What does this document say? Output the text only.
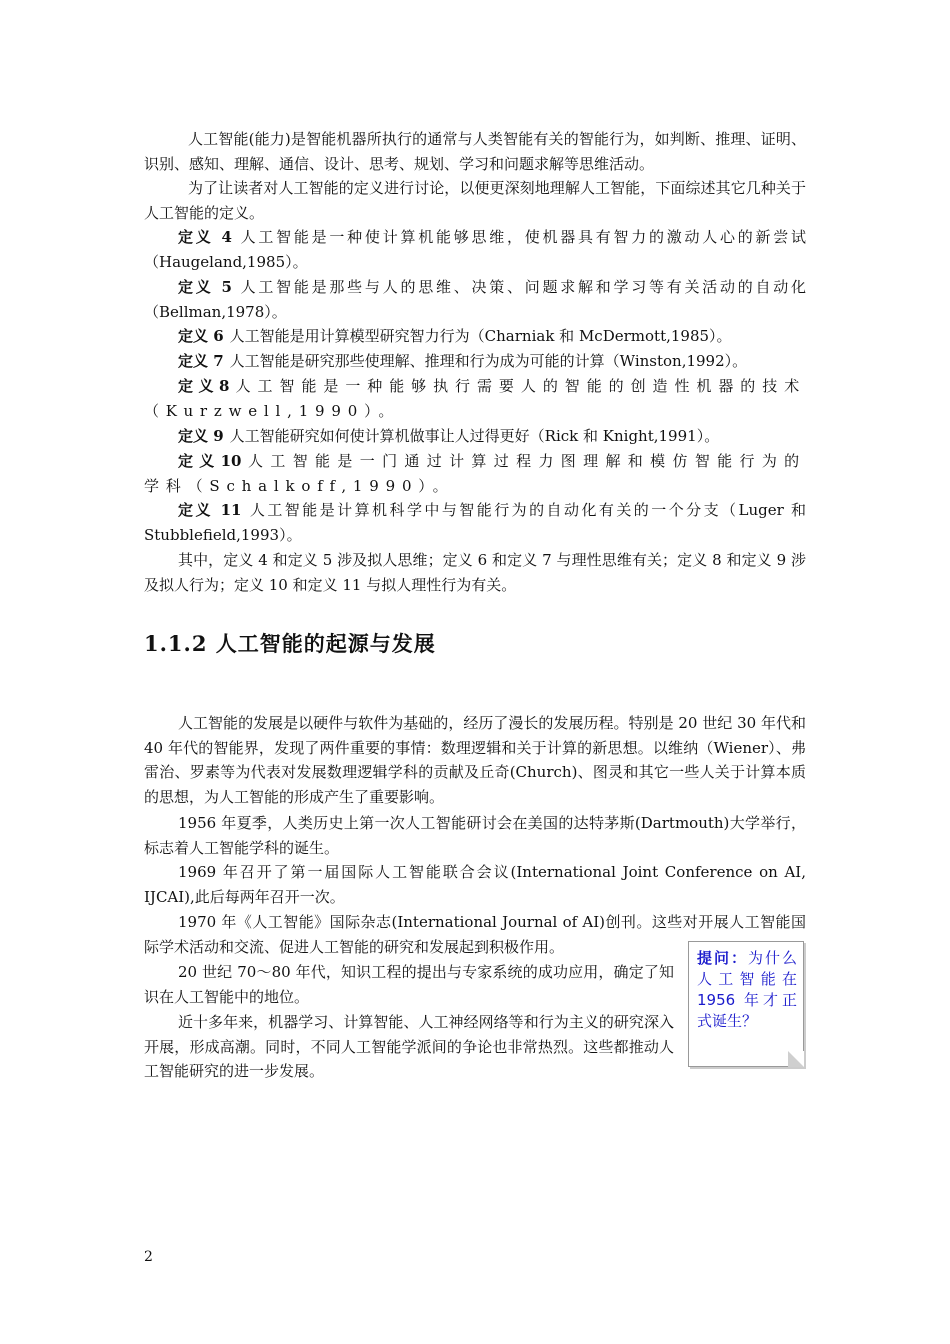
人工智能(能力)是智能机器所执行的通常与人类智能有关的智能行为，如判断、推理、证明、识别、感知、理解、通信、设计、思考、规划、学习和问题求解等思维活动。

为了让读者对人工智能的定义进行讨论，以便更深刻地理解人工智能，下面综述其它几种关于人工智能的定义。

定义 4 人工智能是一种使计算机能够思维，使机器具有智力的激动人心的新尝试（Haugeland,1985）。

定义 5 人工智能是那些与人的思维、决策、问题求解和学习等有关活动的自动化（Bellman,1978）。

定义 6 人工智能是用计算模型研究智力行为（Charniak 和 McDermott,1985）。

定义 7 人工智能是研究那些使理解、推理和行为成为可能的计算（Winston,1992）。

定 义 8 人工智能是一种能够执行需要人的智能的创造性机器的技术（Kurzwell,1990）。

定义 9 人工智能研究如何使计算机做事让人过得更好（Rick 和 Knight,1991）。

定 义 10 人工智能是一门通过计算过程力图理解和模仿智能行为的学科（Schalkoff,1990）。

定义 11 人工智能是计算机科学中与智能行为的自动化有关的一个分支（Luger 和 Stubblefield,1993）。

其中，定义 4 和定义 5 涉及拟人思维；定义 6 和定义 7 与理性思维有关；定义 8 和定义 9 涉及拟人行为；定义 10 和定义 11 与拟人理性行为有关。

1.1.2 人工智能的起源与发展

人工智能的发展是以硬件与软件为基础的，经历了漫长的发展历程。特别是 20 世纪 30 年代和 40 年代的智能界，发现了两件重要的事情：数理逻辑和关于计算的新思想。以维纳（Wiener）、弗雷治、罗素等为代表对发展数理逻辑学科的贡献及丘奇(Church)、图灵和其它一些人关于计算本质的思想，为人工智能的形成产生了重要影响。

1956 年夏季，人类历史上第一次人工智能研讨会在美国的达特茅斯(Dartmouth)大学举行，标志着人工智能学科的诞生。

1969 年召开了第一届国际人工智能联合会议(International Joint Conference on AI, IJCAI),此后每两年召开一次。

1970 年《人工智能》国际杂志(International Journal of AI)创刊。这些对开展人工智能国际学术活动和交流、促进人工智能的研究和发展起到积极作用。

20 世纪 70～80 年代，知识工程的提出与专家系统的成功应用，确定了知识在人工智能中的地位。

近十多年来，机器学习、计算智能、人工神经网络等和行为主义的研究深入开展，形成高潮。同时，不同人工智能学派间的争论也非常热烈。这些都推动人工智能研究的进一步发展。

提问：为什么人工智能在 1956 年才正式诞生？
2
